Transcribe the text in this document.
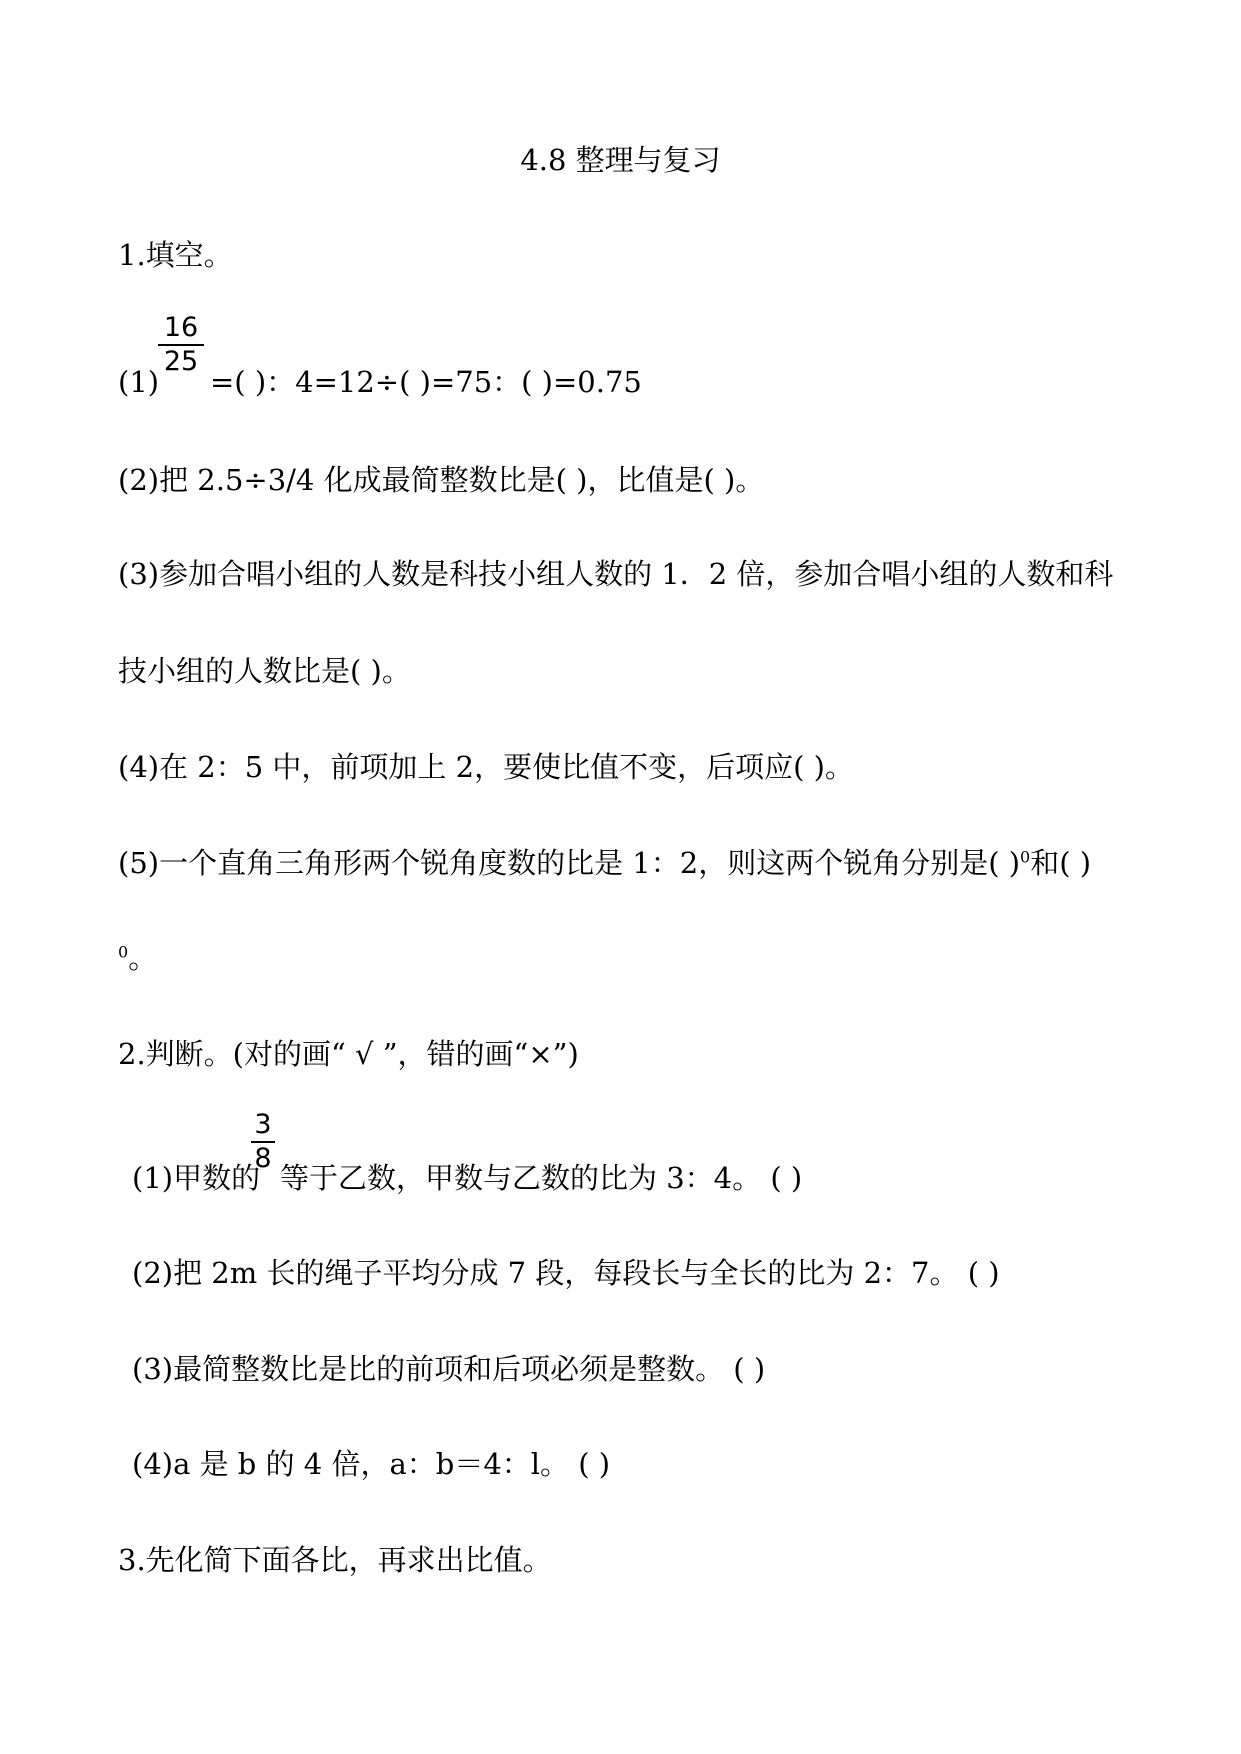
4.8 整理与复习
1.填空。
(1)
16
25
=( )：4=12÷( )=75：( )=0.75
(2)把 2.5÷3/4 化成最简整数比是( )，比值是( )。
(3)参加合唱小组的人数是科技小组人数的 1．2 倍，参加合唱小组的人数和科
技小组的人数比是( )。
(4)在 2：5 中，前项加上 2，要使比值不变，后项应( )。
(5)一个直角三角形两个锐角度数的比是 1：2，则这两个锐角分别是( )$^0$和( )
$^0$。
2.判断。(对的画“ √ ”，错的画“×”)
(1)甲数的
3
8
等于乙数，甲数与乙数的比为 3：4。 ( )
(2)把 2m 长的绳子平均分成 7 段，每段长与全长的比为 2：7。 ( )
(3)最简整数比是比的前项和后项必须是整数。 ( )
(4)a 是 b 的 4 倍，a：b＝4：l。 ( )
3.先化简下面各比，再求出比值。
